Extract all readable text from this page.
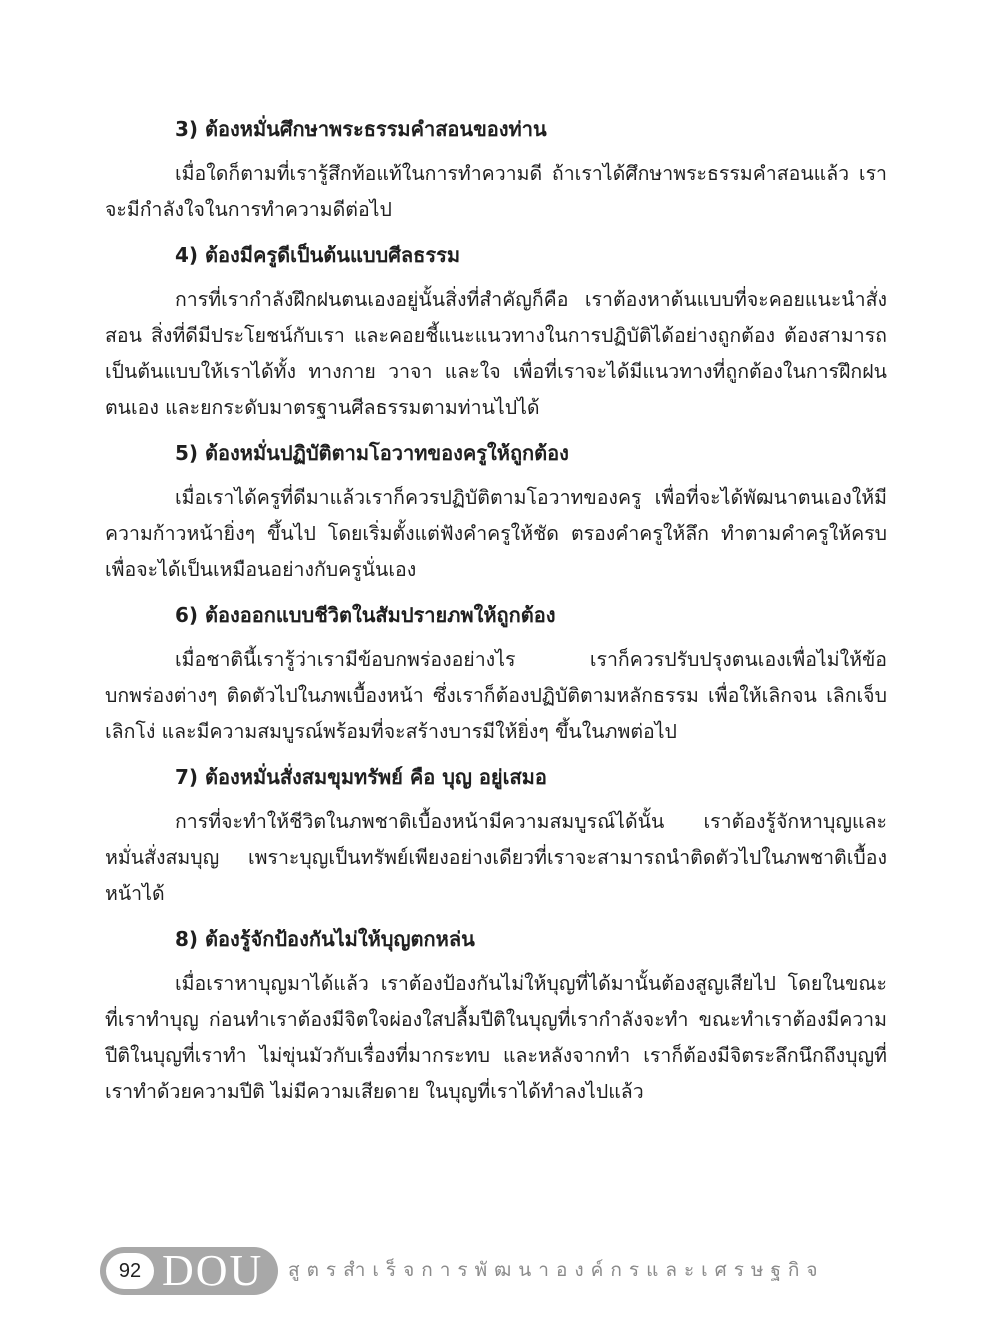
3) ต้องหมั่นศึกษาพระธรรมคำสอนของท่าน

เมื่อใดก็ตามที่เรารู้สึกท้อแท้ในการทำความดี ถ้าเราได้ศึกษาพระธรรมคำสอนแล้ว เราจะมีกำลังใจในการทำความดีต่อไป

4) ต้องมีครูดีเป็นต้นแบบศีลธรรม

การที่เรากำลังฝึกฝนตนเองอยู่นั้นสิ่งที่สำคัญก็คือ เราต้องหาต้นแบบที่จะคอยแนะนำสั่งสอน สิ่งที่ดีมีประโยชน์กับเรา และคอยชี้แนะแนวทางในการปฏิบัติได้อย่างถูกต้อง ต้องสามารถเป็นต้นแบบให้เราได้ทั้ง ทางกาย วาจา และใจ เพื่อที่เราจะได้มีแนวทางที่ถูกต้องในการฝึกฝนตนเอง และยกระดับมาตรฐานศีลธรรมตามท่านไปได้

5) ต้องหมั่นปฏิบัติตามโอวาทของครูให้ถูกต้อง

เมื่อเราได้ครูที่ดีมาแล้วเราก็ควรปฏิบัติตามโอวาทของครู เพื่อที่จะได้พัฒนาตนเองให้มีความก้าวหน้ายิ่งๆ ขึ้นไป โดยเริ่มตั้งแต่ฟังคำครูให้ชัด ตรองคำครูให้ลึก ทำตามคำครูให้ครบ เพื่อจะได้เป็นเหมือนอย่างกับครูนั่นเอง

6) ต้องออกแบบชีวิตในสัมปรายภพให้ถูกต้อง

เมื่อชาตินี้เรารู้ว่าเรามีข้อบกพร่องอย่างไร เราก็ควรปรับปรุงตนเองเพื่อไม่ให้ข้อบกพร่องต่างๆ ติดตัวไปในภพเบื้องหน้า ซึ่งเราก็ต้องปฏิบัติตามหลักธรรม เพื่อให้เลิกจน เลิกเจ็บ เลิกโง่ และมีความสมบูรณ์พร้อมที่จะสร้างบารมีให้ยิ่งๆ ขึ้นในภพต่อไป

7) ต้องหมั่นสั่งสมขุมทรัพย์ คือ บุญ อยู่เสมอ

การที่จะทำให้ชีวิตในภพชาติเบื้องหน้ามีความสมบูรณ์ได้นั้น เราต้องรู้จักหาบุญและหมั่นสั่งสมบุญ เพราะบุญเป็นทรัพย์เพียงอย่างเดียวที่เราจะสามารถนำติดตัวไปในภพชาติเบื้องหน้าได้

8) ต้องรู้จักป้องกันไม่ให้บุญตกหล่น

เมื่อเราหาบุญมาได้แล้ว เราต้องป้องกันไม่ให้บุญที่ได้มานั้นต้องสูญเสียไป โดยในขณะที่เราทำบุญ ก่อนทำเราต้องมีจิตใจผ่องใสปลื้มปีติในบุญที่เรากำลังจะทำ ขณะทำเราต้องมีความปีติในบุญที่เราทำ ไม่ขุ่นมัวกับเรื่องที่มากระทบ และหลังจากทำ เราก็ต้องมีจิตระลึกนึกถึงบุญที่เราทำด้วยความปีติ ไม่มีความเสียดาย ในบุญที่เราได้ทำลงไปแล้ว

92 DOU สูตรสำเร็จการพัฒนาองค์กรและเศรษฐกิจ
